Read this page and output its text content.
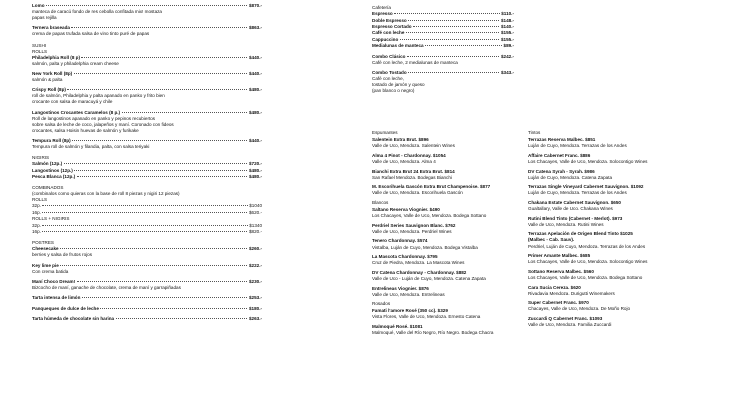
Lomo	$870.-
manteca de caracú fondo de res cebolla confitada mix! mostaza
papas rejilla
Ternera braseada	$863.-
crema de papas trufada salsa de vino tinto puré de papas
SUSHI
ROLLS
Philadelphia Roll (8 p)	$440.-
salmón, palta y philadelphia cream cheese
New York Roll (8p)	$440.-
salmón & palta
Crispy Roll (8p)	$480.-
roll de salmón, Philadelphia y palta apanado en panko y frito bien
crocante con salsa de maracuyá y chile
Langostinos Crocantes Caramelos (8 p.)	$480.-
Roll de langostinos apanado en panko y pepinos recubiertos
sobre salsa de leche de coco, jalapeños y maní. Coronado con fideos
crocantes, salsa Hoisin huevas de salmón y furikake
Tempura Roll (8p)	$440.-
Tempura roll de salmón y filandia, palta, con salsa teriyaki
NIGIRIS
Salmón (12p.)	$720.-
Langostinos (12p.)	$480.-
Pesca Blanca (12p.)	$480.-
COMBINADOS
(combinalos como quieras con la base de roll 8 piezas y nigiri 12 piezas)
ROLLS
32p.	$1040
16p.	$620.-
ROLLS + NIGIRIS
32p.	$1340
16p.	$820.-
POSTRES
Cheesecake	$260.-
berries y salsa de frutos rojos
Key lime pie	$222.-
Con crema batida
Maní Choco Dream!	$230.-
Bizcocho de maní, ganache de chocolate, crema de maní y garrapiñadas
Tarta intensa de limón	$253.-
Panqueques de dulce de leche	$180.-
Tarta húmeda de chocolate sin harina	$263.-
Cafetería
Espresso	$110.-
Doble Espresso	$148.-
Espresso Cortado	$140.-
Café con leche	$155.-
Cappuccino	$155.-
Medialunas de manteca	$89.-
Combo Clásico	$242.-
Café con leche, 2 medialunas de manteca
Combo Tostado	$343.-
Café con leche,
tostado de jamón y queso
(pan blanco o negro)
Espumantes
Salentein Extra Brut. $896
Valle de Uco, Mendoza. Salentein Wines
Alma 4 Pinot - Chardonnay. $1054
Valle de Uco, Mendoza. Alma 4
Bianchi Extra Brut 24 Extra Brut. $814
San Rafael Mendoza. Bodegas Bianchi
M. Escorihuela Gascón Extra Brut Champenoise. $877
Valle de Uco, Mendoza. Escorihuela Gascón
Blancos
Saltano Reserva Viognier. $490
Los Chacayes, Valle de Uco, Mendoza. Bodega Sottano
Perdriel Series Sauvignon Blanc. $762
Valle de Uco, Mendoza. Perdriel Wines
Tenero Chardonnay. $574
Vistalba, Luján de Cuyo, Mendoza. Bodega Vistalba
La Mascota Chardonnay. $795
Cruz de Piedra, Mendoza. La Mascota Wines
DV Catena Chardonnay - Chardonnay. $882
Valle de Uco - Luján de Cuyo, Mendoza. Catena Zapata
Entrelineas Viognier. $876
Valle de Uco, Mendoza. Entrelineas
Rosados
Famati l'amore Rosé (350 cc). $329
Vista Flores, Valle de Uco, Mendoza. Ernesto Catena
Malmoqué Rosé. $1081
Malmoqué, Valle del Río Negro, Río Negro. Bodega Chacra
Tintos
Terrazas Reserva Malbec. $851
Luján de Cuyo, Mendoza. Terrazas de los Andes
Affaire Cabernet Franc. $886
Los Chacayes, Valle de Uco, Mendoza. Solocontigo Wines
DV Catena Syrah - Syrah. $986
Luján de Cuyo, Mendoza. Catena Zapata
Terrazas Single Vineyard Cabernet Sauvignon. $1092
Luján de Cuyo, Mendoza. Terrazas de los Andes
Chakana Estate Cabernet Sauvignon. $650
Gualtallary, Valle de Uco. Chakana Wines
Rutini Blend Tinto (Cabernet - Merlot). $973
Valle de Uco, Mendoza. Rutini Wines
Terrazas Apelación de Origen Blend Tinto $1025
(Malbec - Cab. Sauv).
Perdriel, Luján de Cuyo, Mendoza. Terrazas de los Andes
Primer Amante Malbec. $685
Los Chacayes, Valle de Uco, Mendoza. Solocontigo Wines
Sottano Reserva Malbec. $560
Los Chacayes, Valle de Uco, Mendoza. Bodega Sottano
Cara Sucia Cereza. $620
Rivadavia Mendoza. Durigutti Winemakers
Super Cabernet Franc. $970
Chacayes, Valle de Uco, Mendoza. De Moño Rojo
Zuccardi Q Cabernet Franc. $1093
Valle de Uco, Mendoza. Familia Zuccardi
